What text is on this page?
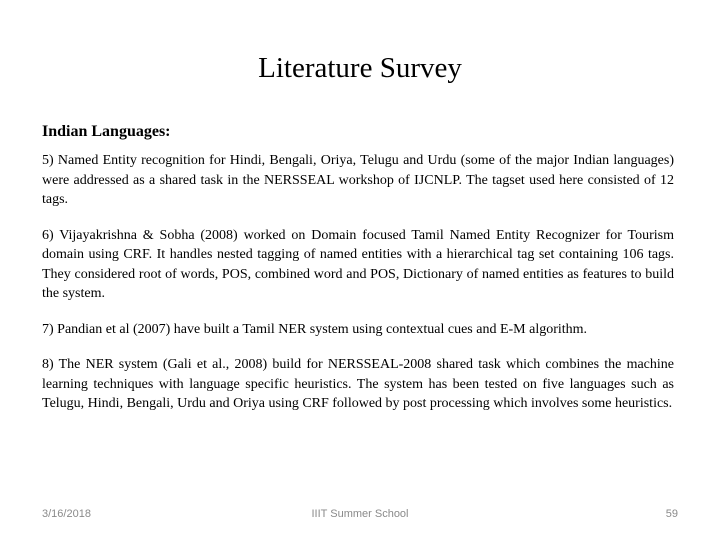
Literature Survey
Indian Languages:

5) Named Entity recognition for Hindi, Bengali, Oriya, Telugu and Urdu (some of the major Indian languages) were addressed as a shared task in the NERSSEAL workshop of IJCNLP. The tagset used here consisted of 12 tags.

6) Vijayakrishna & Sobha (2008) worked on Domain focused Tamil Named Entity Recognizer for Tourism domain using CRF. It handles nested tagging of named entities with a hierarchical tag set containing 106 tags. They considered root of words, POS, combined word and POS, Dictionary of named entities as features to build the system.

7) Pandian et al (2007) have built a Tamil NER system using contextual cues and E-M algorithm.

8) The NER system (Gali et al., 2008) build for NERSSEAL-2008 shared task which combines the machine learning techniques with language specific heuristics. The system has been tested on five languages such as Telugu, Hindi, Bengali, Urdu and Oriya using CRF followed by post processing which involves some heuristics.

3/16/2018	IIIT Summer School	59
